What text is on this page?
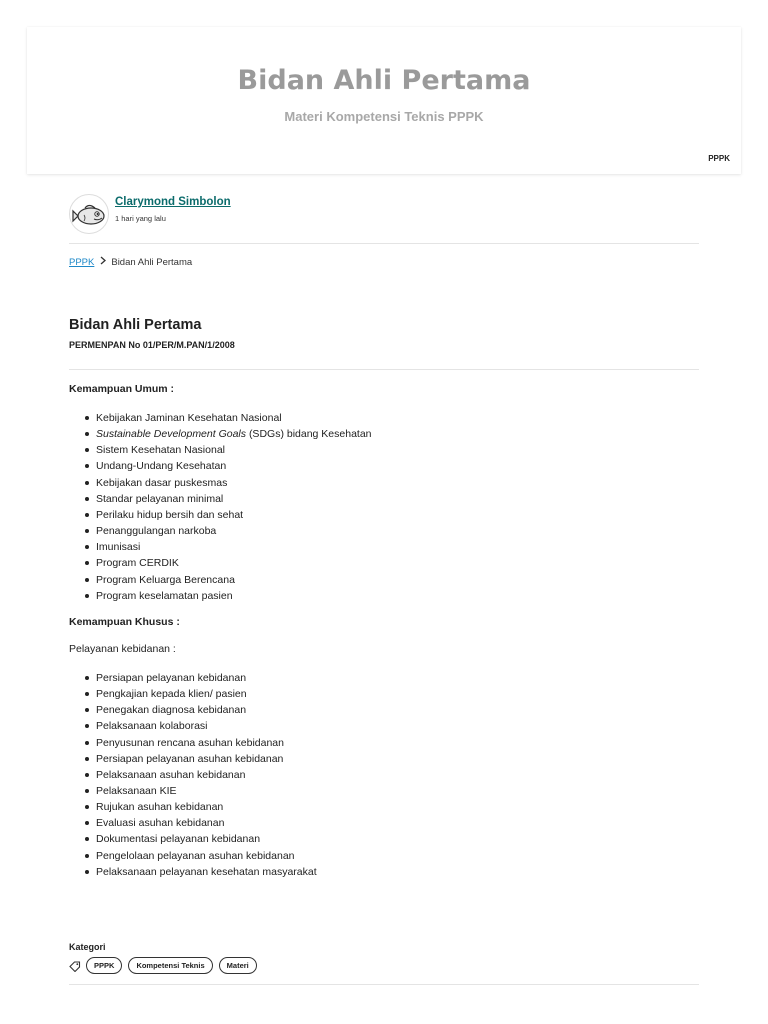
Bidan Ahli Pertama
Materi Kompetensi Teknis PPPK
PPPK
Clarymond Simbolon
1 hari yang lalu
PPPK Bidan Ahli Pertama
Bidan Ahli Pertama
PERMENPAN No 01/PER/M.PAN/1/2008
Kemampuan Umum :
Kebijakan Jaminan Kesehatan Nasional
Sustainable Development Goals (SDGs) bidang Kesehatan
Sistem Kesehatan Nasional
Undang-Undang Kesehatan
Kebijakan dasar puskesmas
Standar pelayanan minimal
Perilaku hidup bersih dan sehat
Penanggulangan narkoba
Imunisasi
Program CERDIK
Program Keluarga Berencana
Program keselamatan pasien
Kemampuan Khusus :
Pelayanan kebidanan :
Persiapan pelayanan kebidanan
Pengkajian kepada klien/ pasien
Penegakan diagnosa kebidanan
Pelaksanaan kolaborasi
Penyusunan rencana asuhan kebidanan
Persiapan pelayanan asuhan kebidanan
Pelaksanaan asuhan kebidanan
Pelaksanaan KIE
Rujukan asuhan kebidanan
Evaluasi asuhan kebidanan
Dokumentasi pelayanan kebidanan
Pengelolaan pelayanan asuhan kebidanan
Pelaksanaan pelayanan kesehatan masyarakat
Kategori
PPPK	Kompetensi Teknis	Materi
